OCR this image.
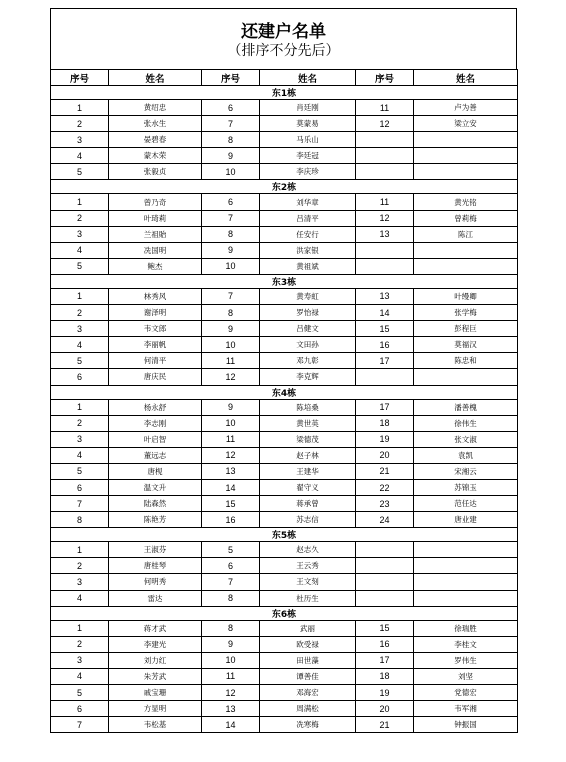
还建户名单
（排序不分先后）
序号	姓名	序号	姓名	序号	姓名
东1栋					
1	黄绍忠	6	肖廷刚	11	卢为善
2	张水生	7	莫蒙易	12	梁立安
3	晏碧春	8	马乐山		
4	蒙木荣	9	李廷冠		
5	张毅贞	10	李庆珍		
东2栋					
1	曾乃奇	6	刘华章	11	黄光铭
2	叶琦莉	7	吕清平	12	曾莉梅
3	兰祖貽	8	任安行	13	陈江
4	冼国明	9	洪家银		
5	鲍杰	10	黄祖斌		
东3栋					
1	林秀风	7	黄寿虹	13	叶缦卿
2	谢泽明	8	罗怡禄	14	张学梅
3	韦文郎	9	吕健文	15	彭程巨
4	李丽帆	10	文田孙	16	莫福汉
5	何清平	11	邓九彰	17	陈忠和
6	唐庆民	12	李克辉		
东4栋					
1	杨永舒	9	陈培桑	17	潘善槐
2	李志刚	10	黄世英	18	徐伟生
3	叶启智	11	梁德茂	19	张文淑
4	董远志	12	赵子林	20	袁凯
5	唐枧	13	王建华	21	宋湘云
6	温文升	14	翟守义	22	苏锦玉
7	陆森然	15	蒋承曾	23	范任达
8	陈艳芳	16	苏志信	24	唐业建
东5栋					
1	王淑芬	5	赵志久		
2	唐桂琴	6	王云秀		
3	何明秀	7	王文刻		
4	雷达	8	杜历生		
东6栋					
1	蒋才武	8	武丽	15	徐瑞胜
2	李建光	9	欧受禄	16	李桂文
3	刘力红	10	田世藻	17	罗伟生
4	朱芳武	11	谭善佳	18	刘坚
5	戚宝珊	12	邓海宏	19	党德宏
6	方显明	13	周满松	20	韦军湘
7	韦松基	14	冼寒梅	21	钟振国
